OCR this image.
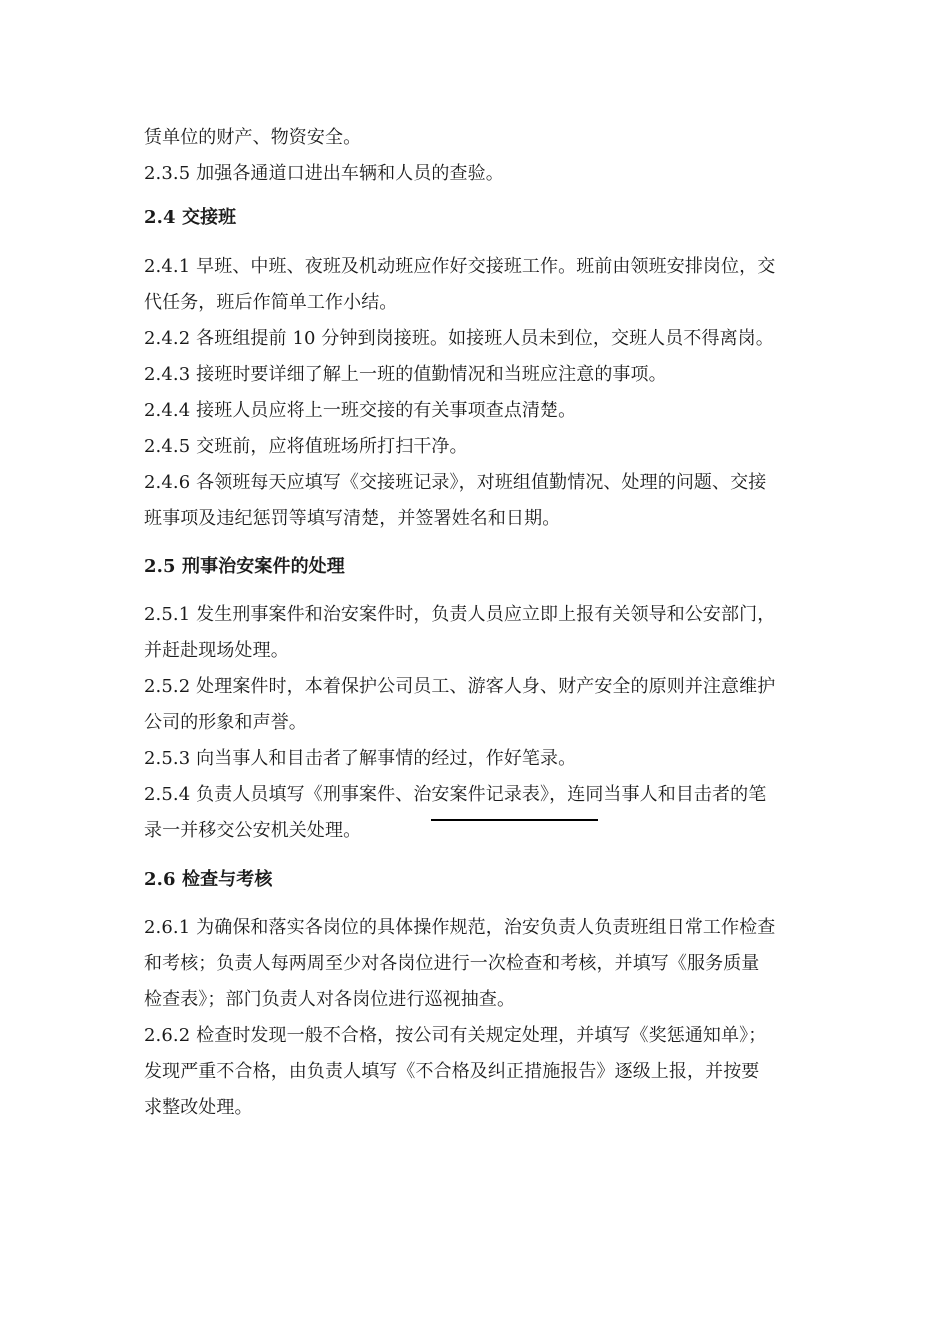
赁单位的财产、物资安全。
2.3.5 加强各通道口进出车辆和人员的查验。
2.4 交接班
2.4.1 早班、中班、夜班及机动班应作好交接班工作。班前由领班安排岗位，交
代任务，班后作简单工作小结。
2.4.2 各班组提前 10 分钟到岗接班。如接班人员未到位，交班人员不得离岗。
2.4.3 接班时要详细了解上一班的值勤情况和当班应注意的事项。
2.4.4 接班人员应将上一班交接的有关事项查点清楚。
2.4.5 交班前，应将值班场所打扫干净。
2.4.6 各领班每天应填写《交接班记录》，对班组值勤情况、处理的问题、交接
班事项及违纪惩罚等填写清楚，并签署姓名和日期。
2.5 刑事治安案件的处理
2.5.1 发生刑事案件和治安案件时，负责人员应立即上报有关领导和公安部门，
并赶赴现场处理。
2.5.2 处理案件时，本着保护公司员工、游客人身、财产安全的原则并注意维护
公司的形象和声誉。
2.5.3 向当事人和目击者了解事情的经过，作好笔录。
2.5.4 负责人员填写《刑事案件、治安案件记录表》，连同当事人和目击者的笔
录一并移交公安机关处理。
2.6 检查与考核
2.6.1 为确保和落实各岗位的具体操作规范，治安负责人负责班组日常工作检查
和考核；负责人每两周至少对各岗位进行一次检查和考核，并填写《服务质量
检查表》；部门负责人对各岗位进行巡视抽查。
2.6.2 检查时发现一般不合格，按公司有关规定处理，并填写《奖惩通知单》；
发现严重不合格，由负责人填写《不合格及纠正措施报告》逐级上报，并按要
求整改处理。
